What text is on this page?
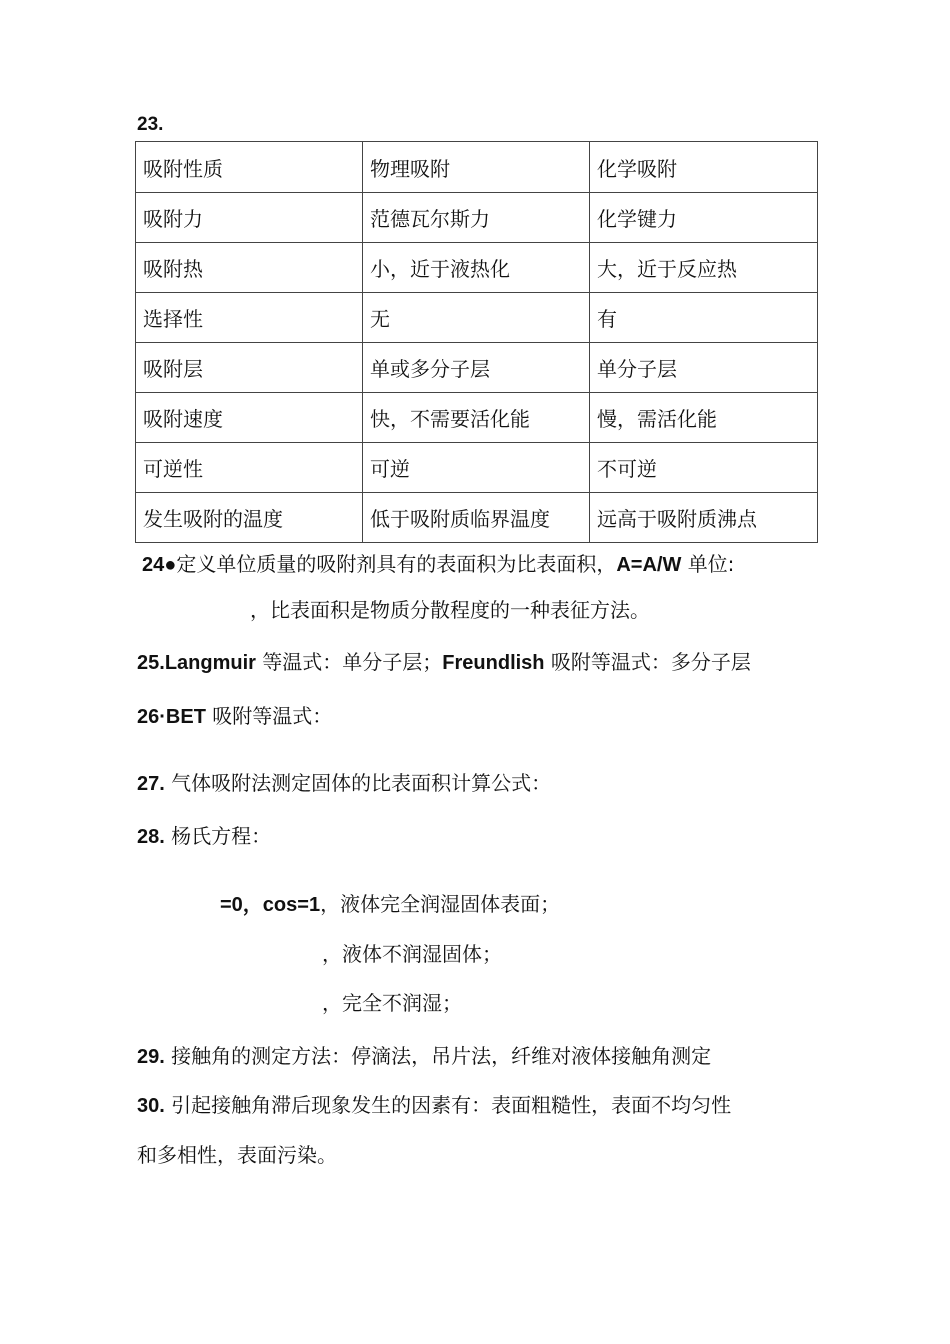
23.
吸附性质	物理吸附	化学吸附
吸附力	范德瓦尔斯力	化学键力
吸附热	小，近于液热化	大，近于反应热
选择性	无	有
吸附层	单或多分子层	单分子层
吸附速度	快，不需要活化能	慢，需活化能
可逆性	可逆	不可逆
发生吸附的温度	低于吸附质临界温度	远高于吸附质沸点
24●定义单位质量的吸附剂具有的表面积为比表面积，A=A/W 单位:
，比表面积是物质分散程度的一种表征方法。
25.Langmuir 等温式：单分子层；Freundlish 吸附等温式：多分子层
26·BET 吸附等温式：
27. 气体吸附法测定固体的比表面积计算公式：
28. 杨氏方程：
=0，cos=1，液体完全润湿固体表面；
，液体不润湿固体；
，完全不润湿；
29. 接触角的测定方法：停滴法，吊片法，纤维对液体接触角测定
30. 引起接触角滞后现象发生的因素有：表面粗糙性，表面不均匀性
和多相性，表面污染。
